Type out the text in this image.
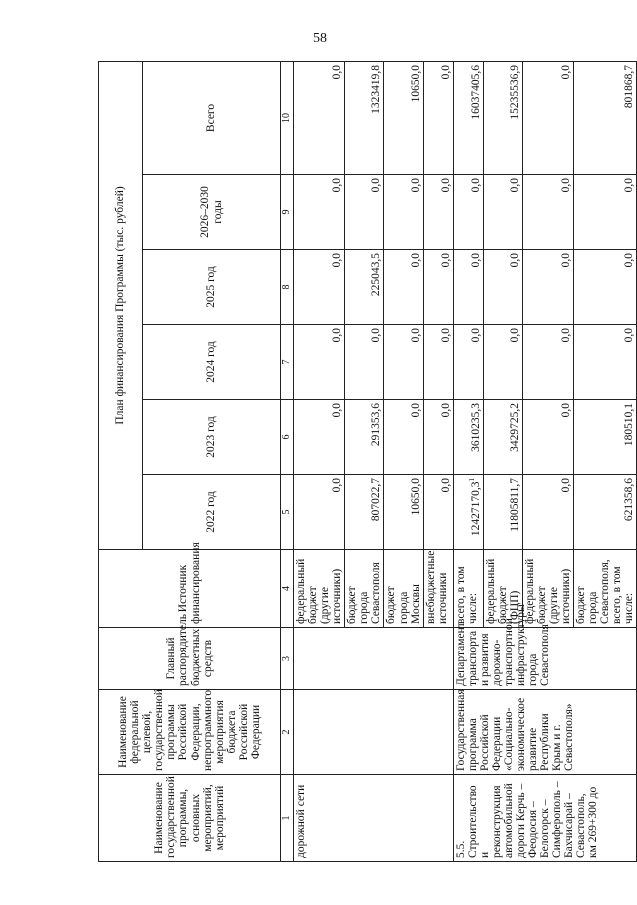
58
Наименование государственной программы, основных мероприятий, мероприятий	Наименование федеральной целевой, государственной программы Российской Федерации, непрограммного мероприятия бюджета Российской Федерации	Главный распорядитель бюджетных средств	Источник финансирования	План финансирования Программы (тыс. рублей)					
				2022 год	2023 год	2024 год	2025 год	2026–2030 годы	Всего
1	2	3	4	5	6	7	8	9	10
дорожной сети			федеральный бюджет (другие источники)	0,0	0,0	0,0	0,0	0,0	0,0
			бюджет города Севастополя	807022,7	291353,6	0,0	225043,5	0,0	1323419,8
			бюджет города Москвы	10650,0	0,0	0,0	0,0	0,0	10650,0
			внебюджетные источники	0,0	0,0	0,0	0,0	0,0	0,0
5.5. Строительство и реконструкция автомобильной дороги Керчь – Феодосия – Белогорск – Симферополь – Бахчисарай – Севастополь, км 269+300 до	Государственная программа Российской Федерации «Социально-экономическое развитие Республики Крым и г. Севастополя»	Департамент транспорта и развития дорожно-транспортной инфраструктуры города Севастополя	всего, в том числе:	12427170,3$^1$	3610235,3	0,0	0,0	0,0	16037405,6
			федеральный бюджет (ФЦП)	11805811,7	3429725,2	0,0	0,0	0,0	15235536,9
			федеральный бюджет (другие источники)	0,0	0,0	0,0	0,0	0,0	0,0
			бюджет города Севастополя, всего, в том числе:	621358,6	180510,1	0,0	0,0	0,0	801868,7
